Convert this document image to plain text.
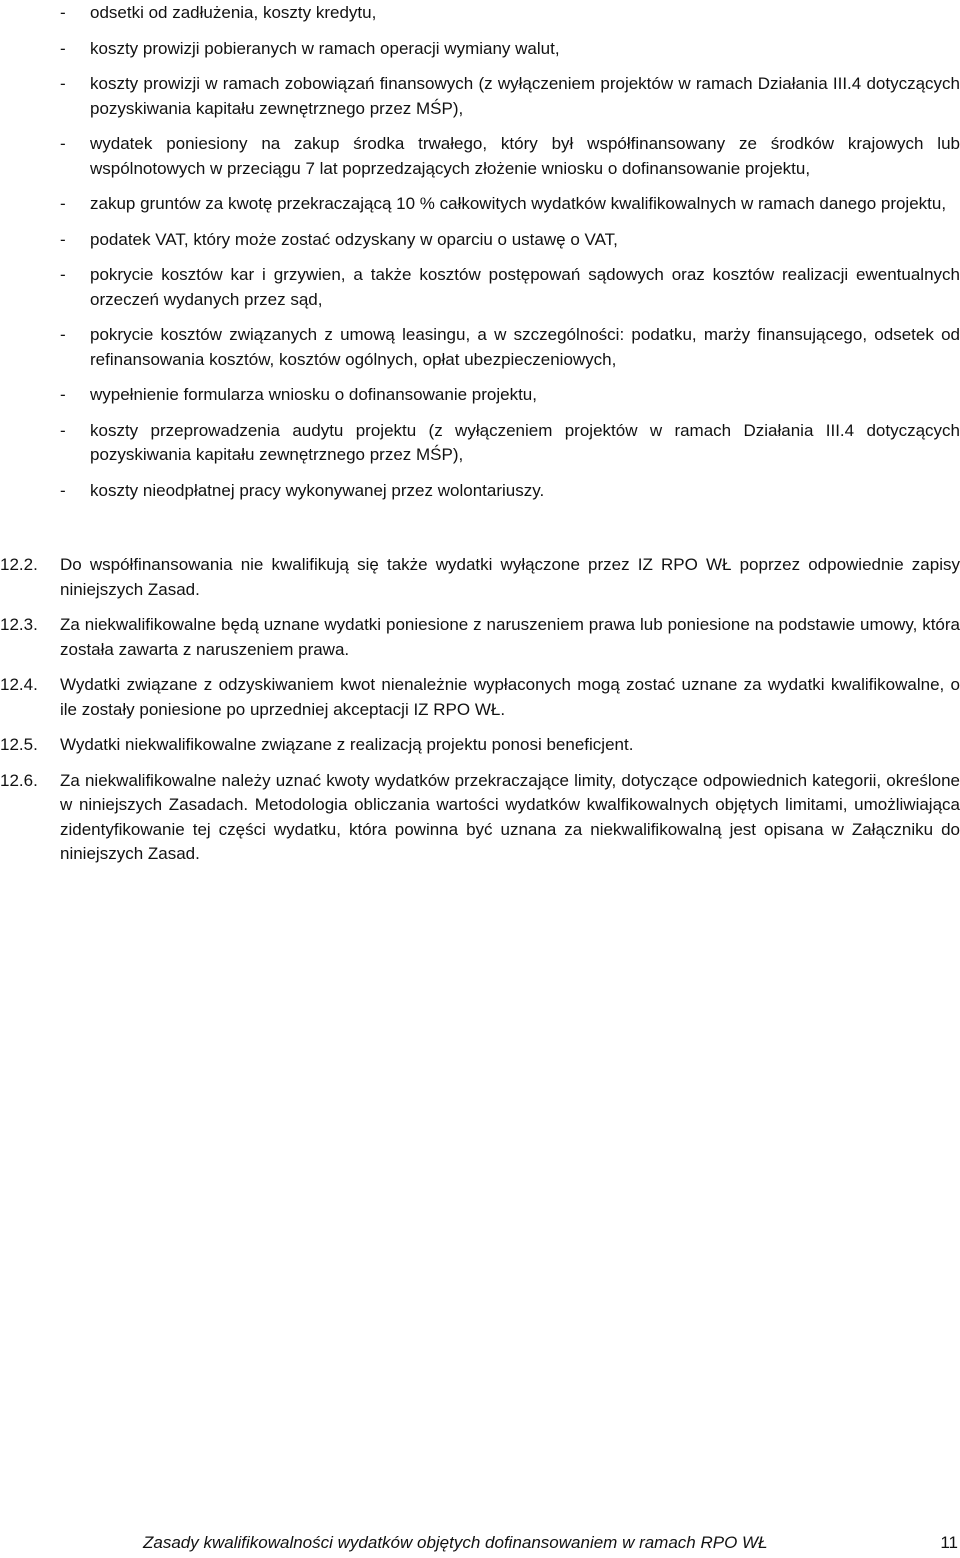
-	odsetki od zadłużenia, koszty kredytu,
-	koszty prowizji pobieranych w ramach operacji wymiany walut,
-	koszty prowizji w ramach zobowiązań finansowych (z wyłączeniem projektów w ramach Działania III.4 dotyczących pozyskiwania kapitału zewnętrznego przez MŚP),
-	wydatek poniesiony na zakup środka trwałego, który był współfinansowany ze środków krajowych lub wspólnotowych w przeciągu 7 lat poprzedzających złożenie wniosku o dofinansowanie projektu,
-	zakup gruntów za kwotę przekraczającą 10 % całkowitych wydatków kwalifikowalnych w ramach danego projektu,
-	podatek VAT, który może zostać odzyskany w oparciu o ustawę o VAT,
-	pokrycie kosztów kar i grzywien, a także kosztów postępowań sądowych oraz kosztów realizacji ewentualnych orzeczeń wydanych przez sąd,
-	pokrycie kosztów związanych z umową leasingu, a w szczególności: podatku, marży finansującego, odsetek od refinansowania kosztów, kosztów ogólnych, opłat ubezpieczeniowych,
-	wypełnienie formularza wniosku o dofinansowanie projektu,
-	koszty przeprowadzenia audytu projektu (z wyłączeniem projektów w ramach Działania III.4 dotyczących pozyskiwania kapitału zewnętrznego przez MŚP),
-	koszty nieodpłatnej pracy wykonywanej przez wolontariuszy.
12.2.	Do współfinansowania nie kwalifikują się także wydatki wyłączone przez IZ RPO WŁ poprzez odpowiednie zapisy niniejszych Zasad.
12.3.	Za niekwalifikowalne będą uznane wydatki poniesione z naruszeniem prawa lub poniesione na podstawie umowy, która została zawarta z naruszeniem prawa.
12.4.	Wydatki związane z odzyskiwaniem kwot nienależnie wypłaconych mogą zostać uznane za wydatki kwalifikowalne, o ile zostały poniesione po uprzedniej akceptacji IZ RPO WŁ.
12.5.	Wydatki niekwalifikowalne związane z realizacją projektu ponosi beneficjent.
12.6.	Za niekwalifikowalne należy uznać kwoty wydatków przekraczające limity, dotyczące odpowiednich kategorii, określone w niniejszych Zasadach. Metodologia obliczania wartości wydatków kwalfikowalnych objętych limitami, umożliwiająca zidentyfikowanie tej części wydatku, która powinna być uznana za niekwalifikowalną jest opisana w Załączniku do niniejszych Zasad.
Zasady kwalifikowalności wydatków objętych dofinansowaniem w ramach RPO WŁ	11
